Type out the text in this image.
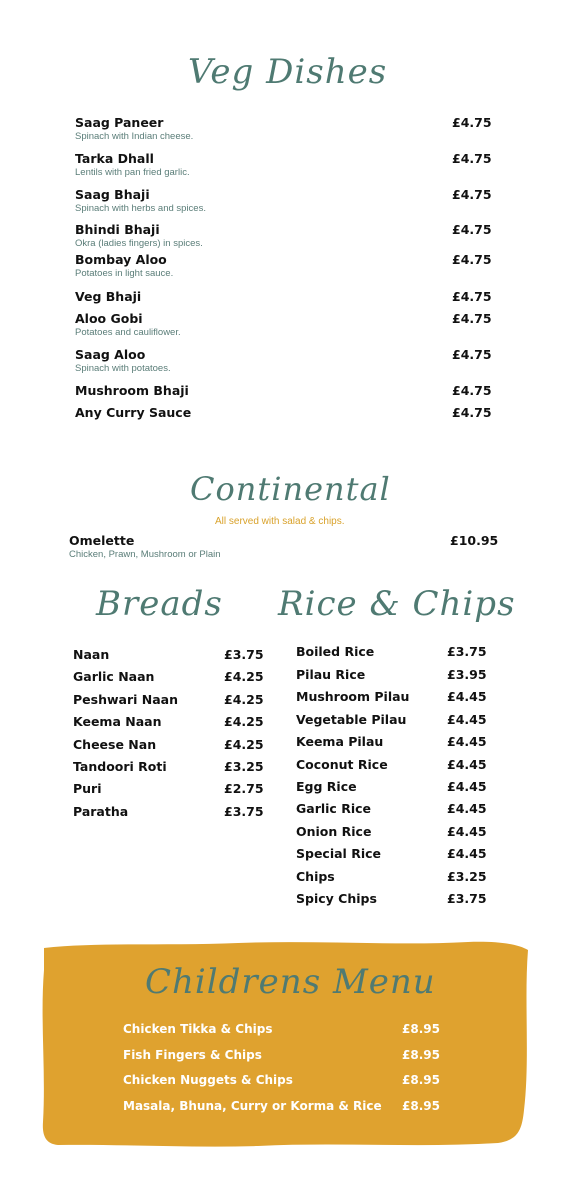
Veg Dishes
Saag Paneer
Spinach with Indian cheese.
£4.75
Tarka Dhall
Lentils with pan fried garlic.
£4.75
Saag Bhaji
Spinach with herbs and spices.
£4.75
Bhindi Bhaji
Okra (ladies fingers) in spices.
£4.75
Bombay Aloo
Potatoes in light sauce.
£4.75
Veg Bhaji	£4.75
Aloo Gobi
Potatoes and cauliflower.
£4.75
Saag Aloo
Spinach with potatoes.
£4.75
Mushroom Bhaji	£4.75
Any Curry Sauce	£4.75
Continental
All served with salad & chips.
Omelette
Chicken, Prawn, Mushroom or Plain
£10.95
Breads
Naan	£3.75
Garlic Naan	£4.25
Peshwari Naan	£4.25
Keema Naan	£4.25
Cheese Nan	£4.25
Tandoori Roti	£3.25
Puri	£2.75
Paratha	£3.75
Rice & Chips
Boiled Rice	£3.75
Pilau Rice	£3.95
Mushroom Pilau	£4.45
Vegetable Pilau	£4.45
Keema Pilau	£4.45
Coconut Rice	£4.45
Egg Rice	£4.45
Garlic Rice	£4.45
Onion Rice	£4.45
Special Rice	£4.45
Chips	£3.25
Spicy Chips	£3.75
Childrens Menu
Chicken Tikka & Chips	£8.95
Fish Fingers & Chips	£8.95
Chicken Nuggets & Chips	£8.95
Masala, Bhuna, Curry or Korma & Rice £8.95
